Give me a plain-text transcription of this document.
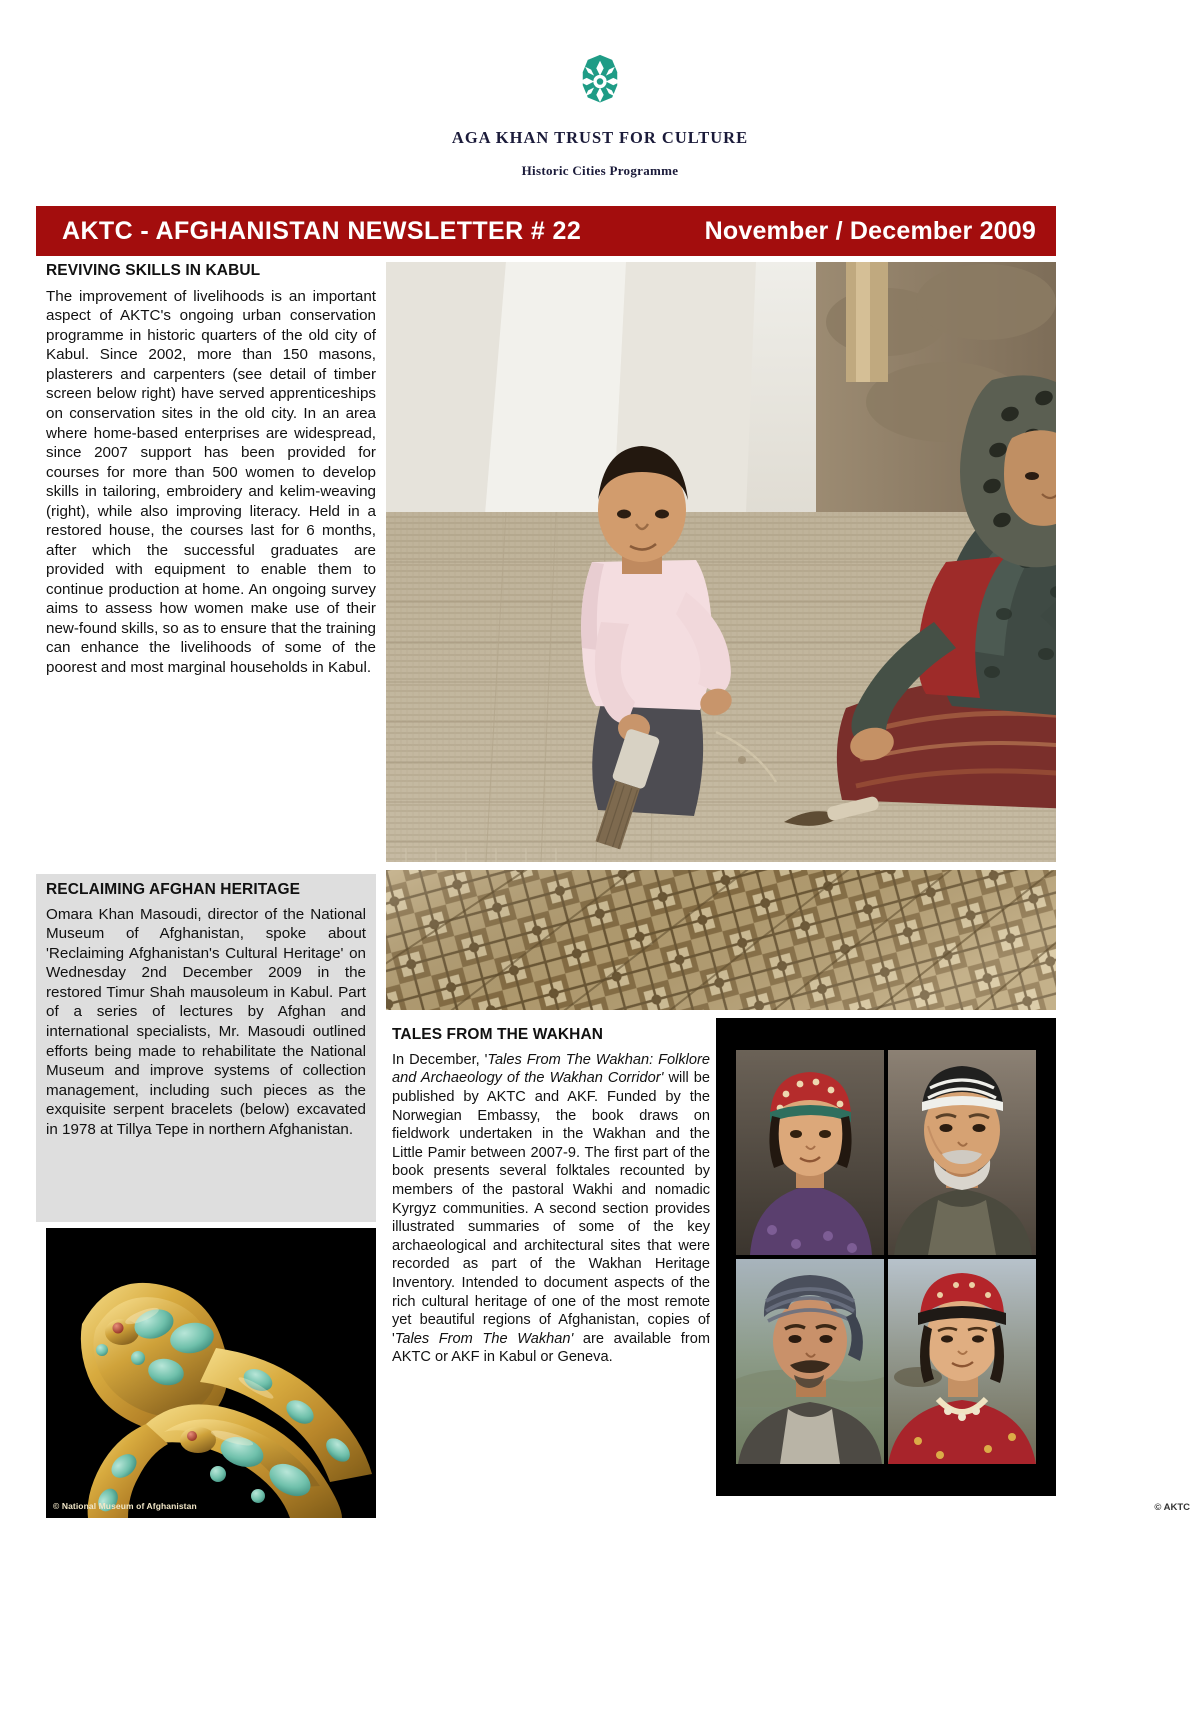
AGA KHAN TRUST FOR CULTURE
Historic Cities Programme
AKTC - AFGHANISTAN NEWSLETTER # 22	November / December 2009
REVIVING SKILLS IN KABUL

The improvement of livelihoods is an important aspect of AKTC's ongoing urban conservation programme in historic quarters of the old city of Kabul. Since 2002, more than 150 masons, plasterers and carpenters (see detail of timber screen below right) have served apprenticeships on conservation sites in the old city. In an area where home-based enterprises are widespread, since 2007 support has been provided for courses for more than 500 women to develop skills in tailoring, embroidery and kelim-weaving (right), while also improving literacy. Held in a restored house, the courses last for 6 months, after which the successful graduates are provided with equipment to enable them to continue production at home. An ongoing survey aims to assess how women make use of their new-found skills, so as to ensure that the training can enhance the livelihoods of some of the poorest and most marginal households in Kabul.

RECLAIMING AFGHAN HERITAGE

Omara Khan Masoudi, director of the National Museum of Afghanistan, spoke about 'Reclaiming Afghanistan's Cultural Heritage' on Wednesday 2nd December 2009 in the restored Timur Shah mausoleum in Kabul. Part of a series of lectures by Afghan and international specialists, Mr. Masoudi outlined efforts being made to rehabilitate the National Museum and improve systems of collection management, including such pieces as the exquisite serpent bracelets (below) excavated in 1978 at Tillya Tepe in northern Afghanistan.

© National Museum of Afghanistan
TALES FROM THE WAKHAN

In December, 'Tales From The Wakhan: Folklore and Archaeology of the Wakhan Corridor' will be published by AKTC and AKF. Funded by the Norwegian Embassy, the book draws on fieldwork undertaken in the Wakhan and the Little Pamir between 2007-9. The first part of the book presents several folktales recounted by members of the pastoral Wakhi and nomadic Kyrgyz communities. A second section provides illustrated summaries of some of the key archaeological and architectural sites that were recorded as part of the Wakhan Heritage Inventory. Intended to document aspects of the rich cultural heritage of one of the most remote yet beautiful regions of Afghanistan, copies of 'Tales From The Wakhan' are available from AKTC or AKF in Kabul or Geneva.

© AKTC
